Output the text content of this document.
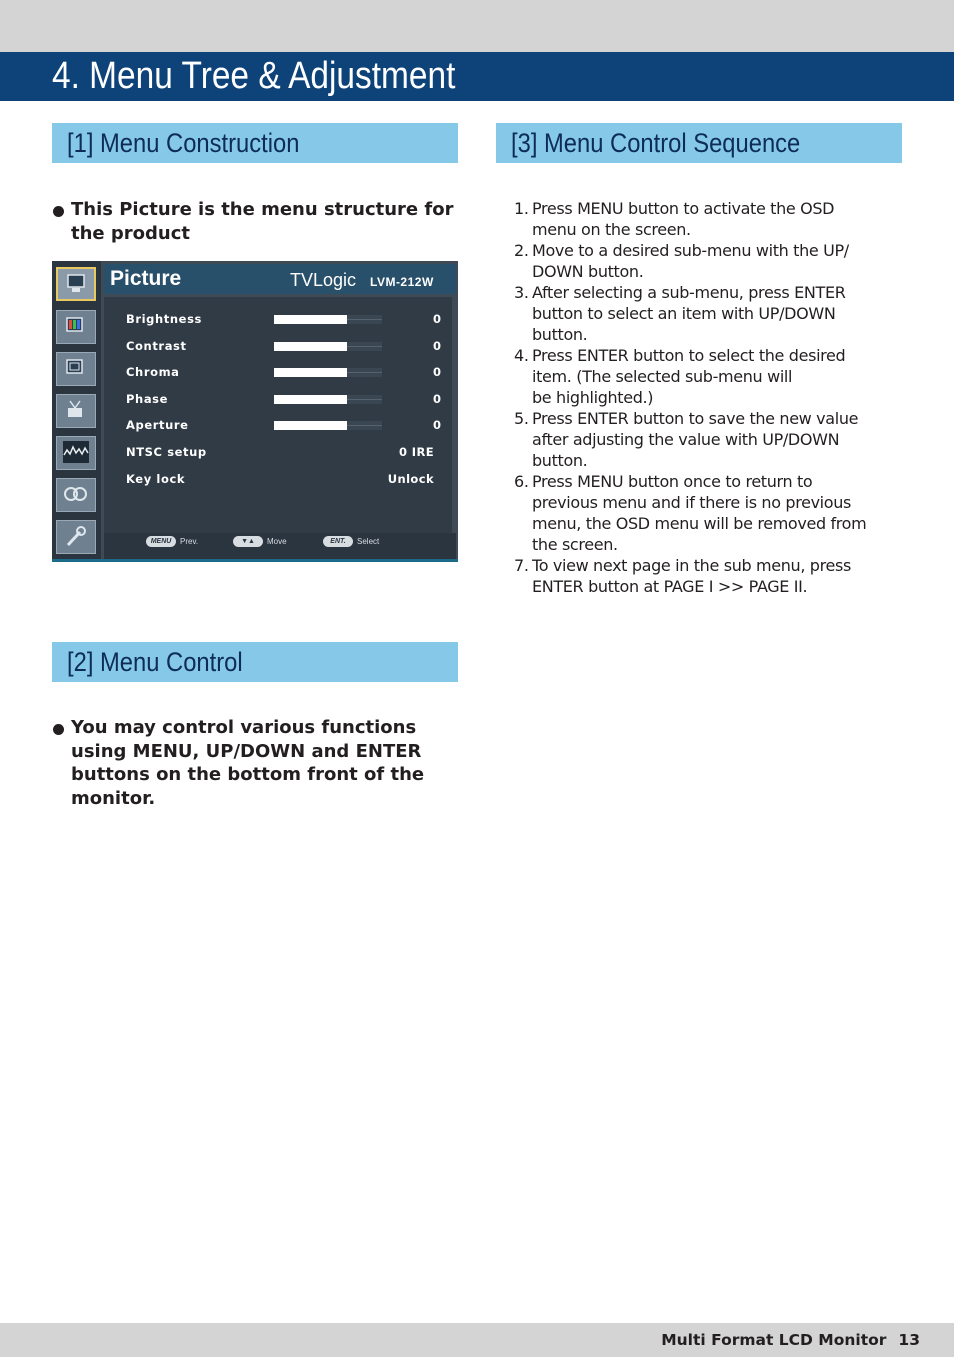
4. Menu Tree & Adjustment
[1] Menu Construction
This Picture is the menu structure for the product
Picture	TVLogic LVM-212W
Brightness	0
Contrast	0
Chroma	0
Phase	0
Aperture	0
NTSC setup	0 IRE
Key lock	Unlock
MENU	Prev.	▼▲	Move	ENT.	Select
[2] Menu Control
You may control various functions using MENU, UP/DOWN and ENTER buttons on the bottom front of the monitor.
[3] Menu Control Sequence
1. Press MENU button to activate the OSD
menu on the screen.
2. Move to a desired sub-menu with the UP/
DOWN button.
3. After selecting a sub-menu, press ENTER
button to select an item with UP/DOWN
button.
4. Press ENTER button to select the desired
item. (The selected sub-menu will
be highlighted.)
5. Press ENTER button to save the new value
after adjusting the value with UP/DOWN
button.
6. Press MENU button once to return to
previous menu and if there is no previous
menu, the OSD menu will be removed from
the screen.
7. To view next page in the sub menu, press
ENTER button at PAGE I >> PAGE II.
Multi Format LCD Monitor 13
